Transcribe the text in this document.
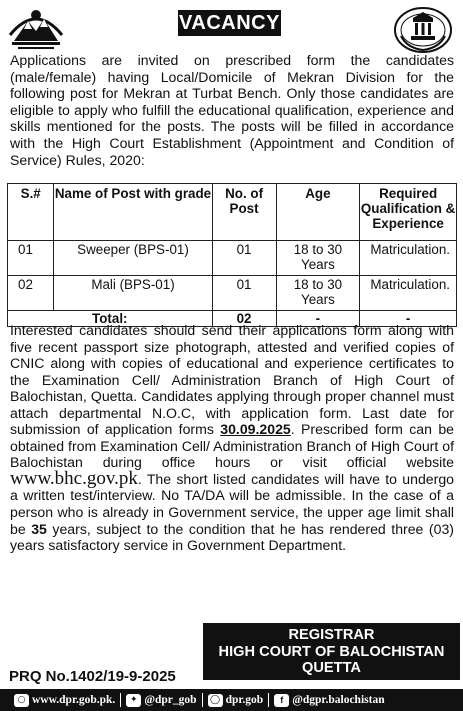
VACANCY
Applications are invited on prescribed form the candidates (male/female) having Local/Domicile of Mekran Division for the following post for Mekran at Turbat Bench. Only those candidates are eligible to apply who fulfill the educational qualification, experience and skills mentioned for the posts. The posts will be filled in accordance with the High Court Establishment (Appointment and Condition of Service) Rules, 2020:
S.#	Name of Post with grade	No. of Post	Age	Required Qualification & Experience
01	Sweeper (BPS-01)	01	18 to 30 Years	Matriculation.
02	Mali (BPS-01)	01	18 to 30 Years	Matriculation.
Total:		02	-	-
Interested candidates should send their applications form along with five recent passport size photograph, attested and verified copies of CNIC along with copies of educational and experience certificates to the Examination Cell/ Administration Branch of High Court of Balochistan, Quetta. Candidates applying through proper channel must attach departmental N.O.C, with application form. Last date for submission of application forms 30.09.2025. Prescribed form can be obtained from Examination Cell/ Administration Branch of High Court of Balochistan during office hours or visit official website www.bhc.gov.pk. The short listed candidates will have to undergo a written test/interview. No TA/DA will be admissible. In the case of a person who is already in Government service, the upper age limit shall be 35 years, subject to the condition that he has rendered three (03) years satisfactory service in Government Department.
REGISTRAR
HIGH COURT OF BALOCHISTAN
QUETTA
PRQ No.1402/19-9-2025
○ www.dpr.gob.pk.	✦ @dpr_gob ◯ dpr.gob	f @dgpr.balochistan
